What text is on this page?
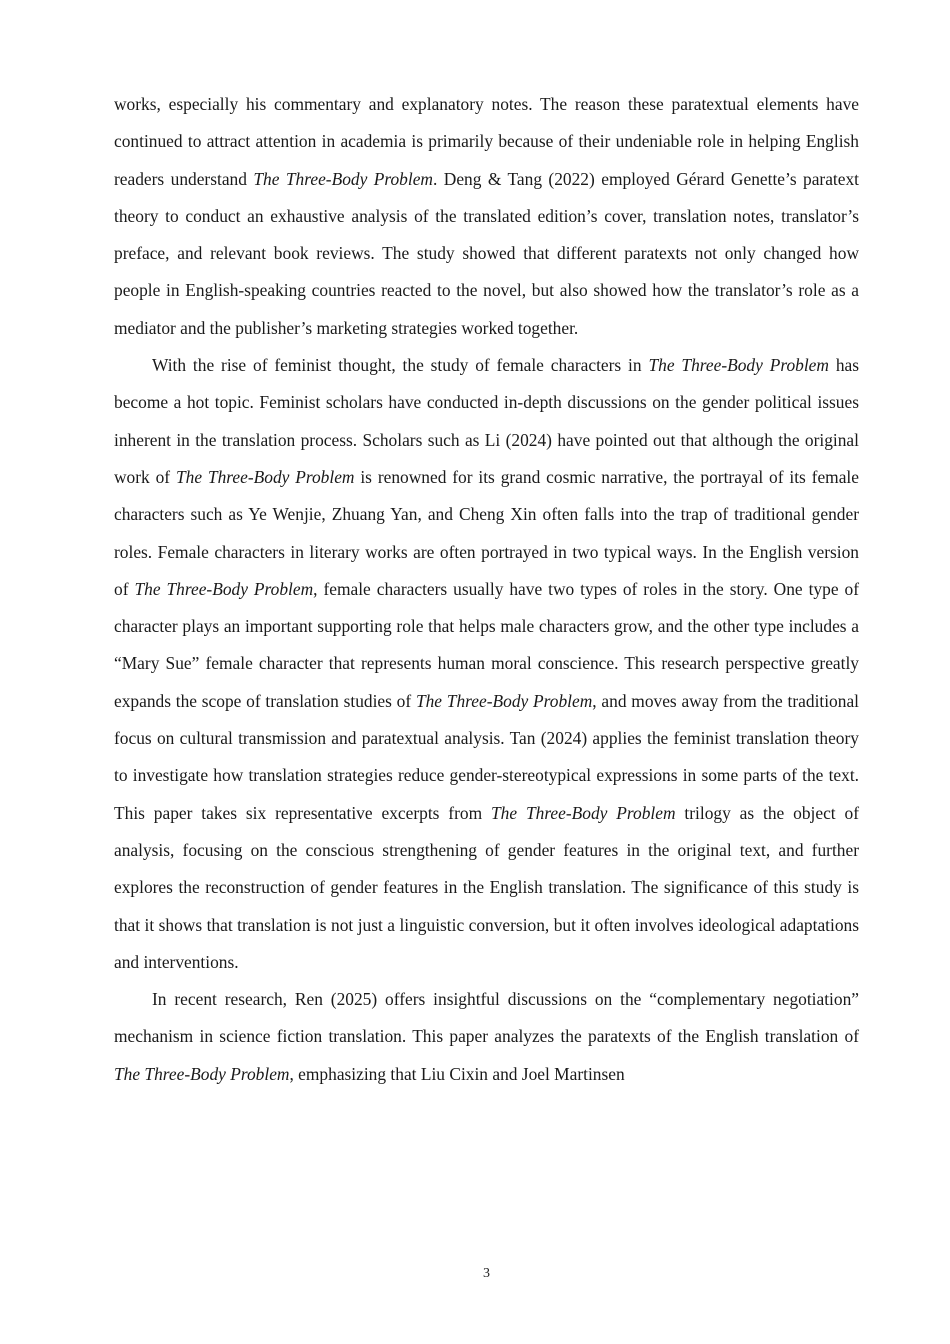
works, especially his commentary and explanatory notes. The reason these paratextual elements have continued to attract attention in academia is primarily because of their undeniable role in helping English readers understand The Three-Body Problem. Deng & Tang (2022) employed Gérard Genette’s paratext theory to conduct an exhaustive analysis of the translated edition’s cover, translation notes, translator’s preface, and relevant book reviews. The study showed that different paratexts not only changed how people in English-speaking countries reacted to the novel, but also showed how the translator’s role as a mediator and the publisher’s marketing strategies worked together.

With the rise of feminist thought, the study of female characters in The Three-Body Problem has become a hot topic. Feminist scholars have conducted in-depth discussions on the gender political issues inherent in the translation process. Scholars such as Li (2024) have pointed out that although the original work of The Three-Body Problem is renowned for its grand cosmic narrative, the portrayal of its female characters such as Ye Wenjie, Zhuang Yan, and Cheng Xin often falls into the trap of traditional gender roles. Female characters in literary works are often portrayed in two typical ways. In the English version of The Three-Body Problem, female characters usually have two types of roles in the story. One type of character plays an important supporting role that helps male characters grow, and the other type includes a “Mary Sue” female character that represents human moral conscience. This research perspective greatly expands the scope of translation studies of The Three-Body Problem, and moves away from the traditional focus on cultural transmission and paratextual analysis. Tan (2024) applies the feminist translation theory to investigate how translation strategies reduce gender-stereotypical expressions in some parts of the text. This paper takes six representative excerpts from The Three-Body Problem trilogy as the object of analysis, focusing on the conscious strengthening of gender features in the original text, and further explores the reconstruction of gender features in the English translation. The significance of this study is that it shows that translation is not just a linguistic conversion, but it often involves ideological adaptations and interventions.

In recent research, Ren (2025) offers insightful discussions on the “complementary negotiation” mechanism in science fiction translation. This paper analyzes the paratexts of the English translation of The Three-Body Problem, emphasizing that Liu Cixin and Joel Martinsen

3
